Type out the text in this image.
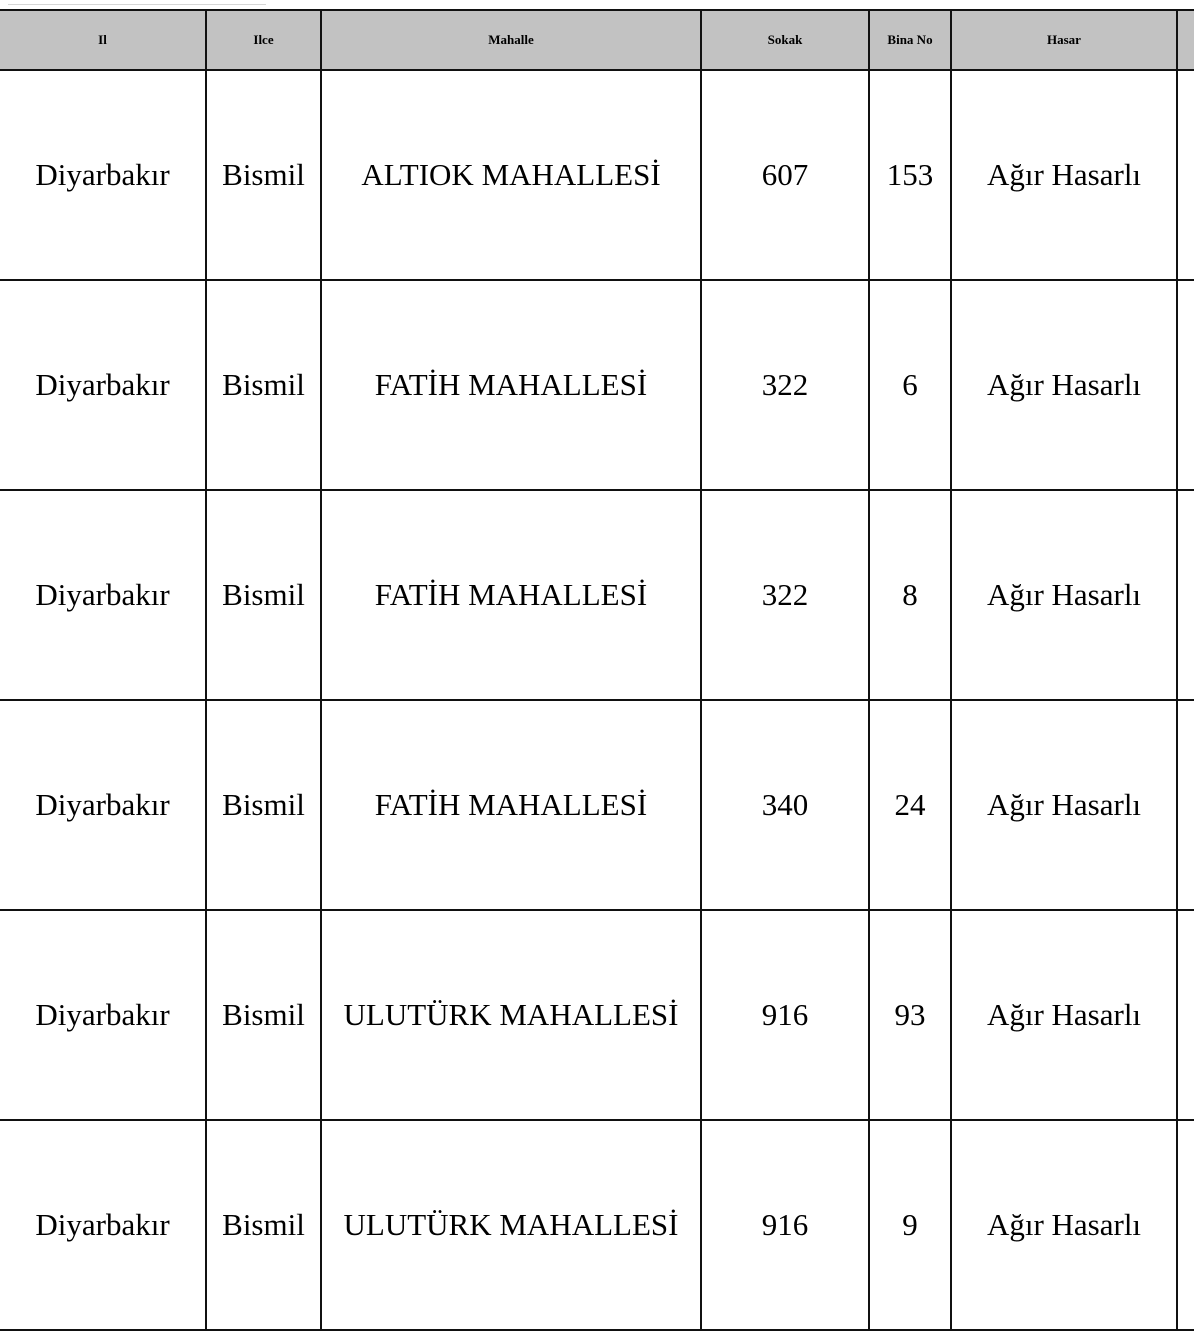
Il	Ilce	Mahalle	Sokak	Bina No	Hasar	
Diyarbakır	Bismil	ALTIOK MAHALLESİ	607	153	Ağır Hasarlı	
Diyarbakır	Bismil	FATİH MAHALLESİ	322	6	Ağır Hasarlı	
Diyarbakır	Bismil	FATİH MAHALLESİ	322	8	Ağır Hasarlı	
Diyarbakır	Bismil	FATİH MAHALLESİ	340	24	Ağır Hasarlı	
Diyarbakır	Bismil	ULUTÜRK MAHALLESİ	916	93	Ağır Hasarlı	
Diyarbakır	Bismil	ULUTÜRK MAHALLESİ	916	9	Ağır Hasarlı	
